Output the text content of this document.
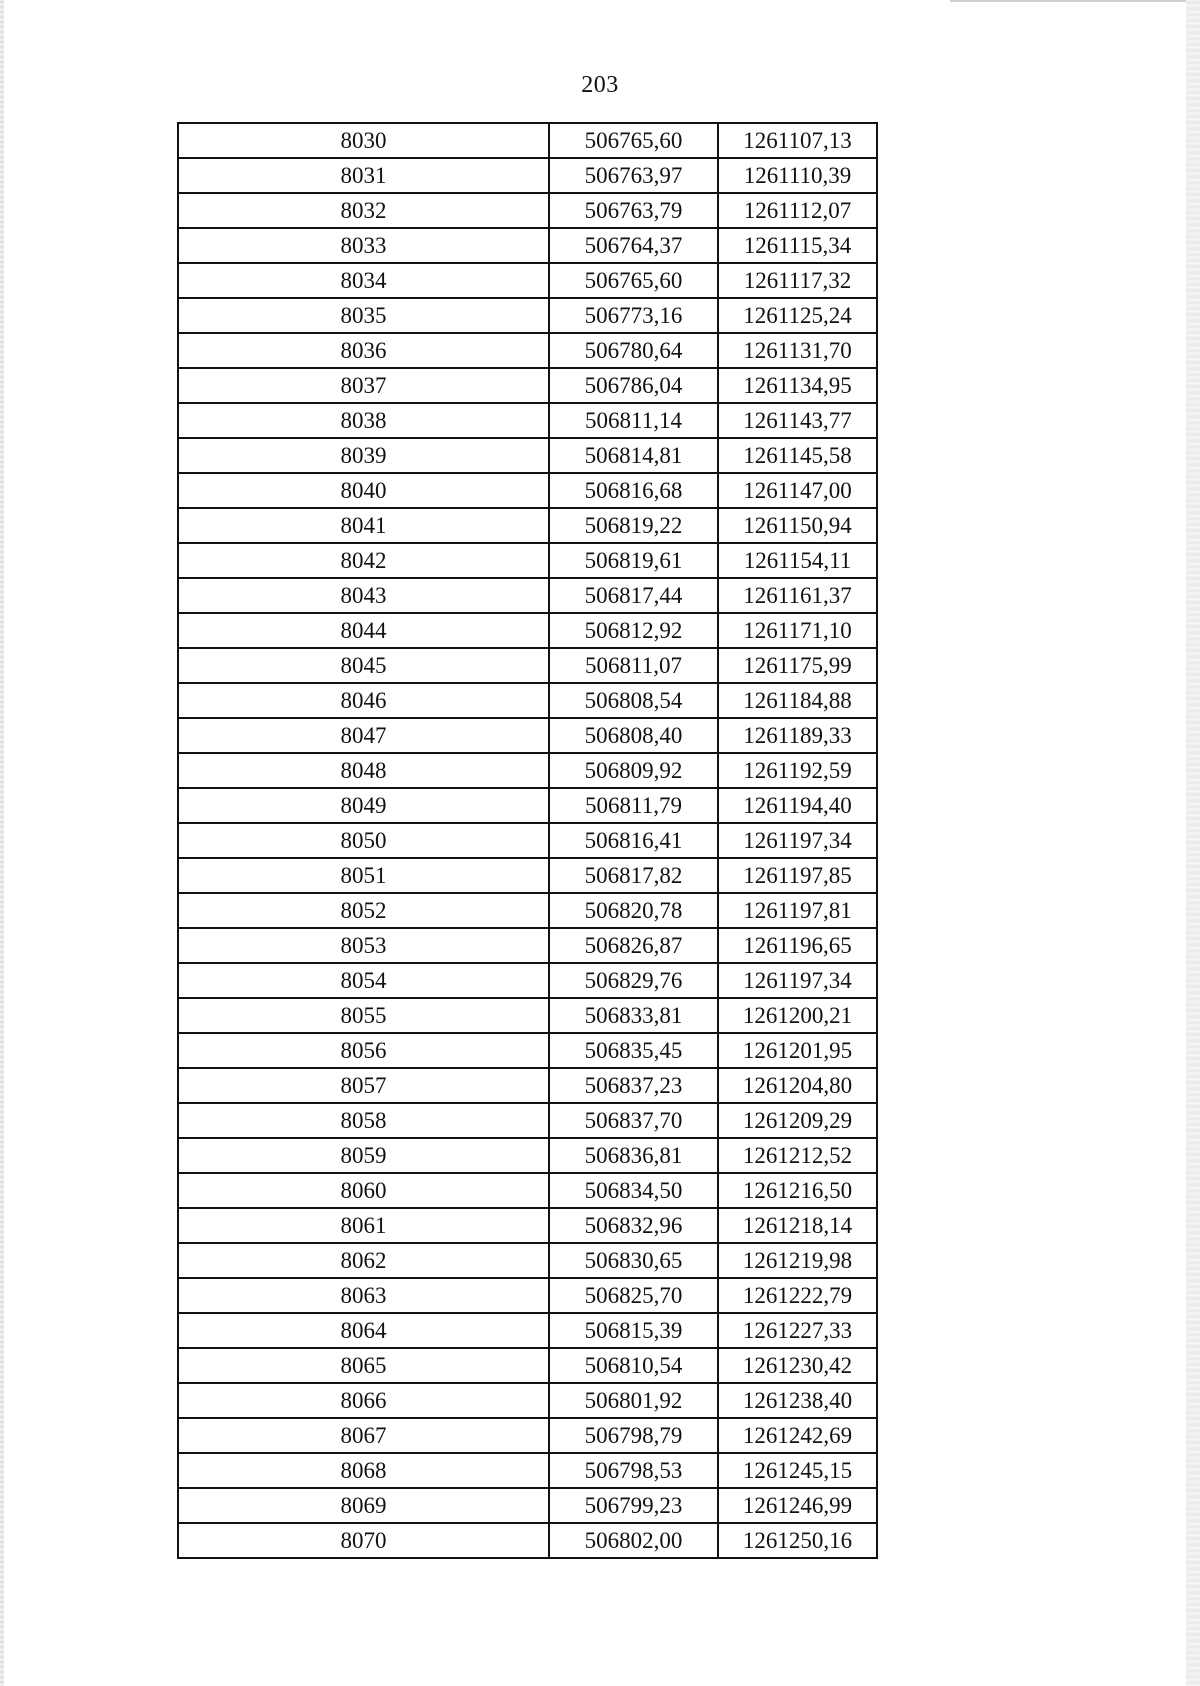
203
8030	506765,60	1261107,13
8031	506763,97	1261110,39
8032	506763,79	1261112,07
8033	506764,37	1261115,34
8034	506765,60	1261117,32
8035	506773,16	1261125,24
8036	506780,64	1261131,70
8037	506786,04	1261134,95
8038	506811,14	1261143,77
8039	506814,81	1261145,58
8040	506816,68	1261147,00
8041	506819,22	1261150,94
8042	506819,61	1261154,11
8043	506817,44	1261161,37
8044	506812,92	1261171,10
8045	506811,07	1261175,99
8046	506808,54	1261184,88
8047	506808,40	1261189,33
8048	506809,92	1261192,59
8049	506811,79	1261194,40
8050	506816,41	1261197,34
8051	506817,82	1261197,85
8052	506820,78	1261197,81
8053	506826,87	1261196,65
8054	506829,76	1261197,34
8055	506833,81	1261200,21
8056	506835,45	1261201,95
8057	506837,23	1261204,80
8058	506837,70	1261209,29
8059	506836,81	1261212,52
8060	506834,50	1261216,50
8061	506832,96	1261218,14
8062	506830,65	1261219,98
8063	506825,70	1261222,79
8064	506815,39	1261227,33
8065	506810,54	1261230,42
8066	506801,92	1261238,40
8067	506798,79	1261242,69
8068	506798,53	1261245,15
8069	506799,23	1261246,99
8070	506802,00	1261250,16
